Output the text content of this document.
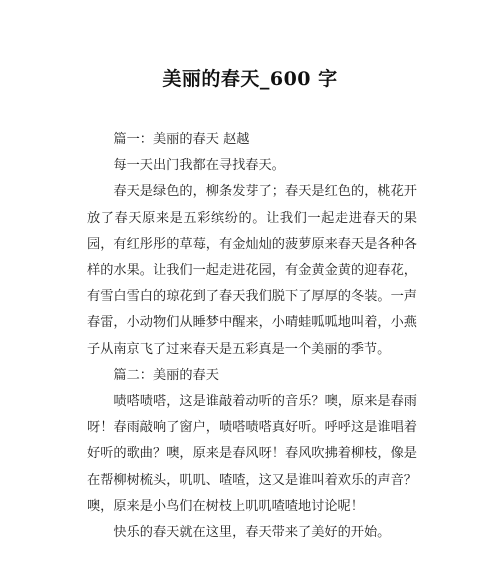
美丽的春天_600 字

篇一：美丽的春天 赵越

每一天出门我都在寻找春天。

春天是绿色的，柳条发芽了；春天是红色的，桃花开放了春天原来是五彩缤纷的。让我们一起走进春天的果园，有红彤彤的草莓，有金灿灿的菠萝原来春天是各种各样的水果。让我们一起走进花园，有金黄金黄的迎春花，有雪白雪白的琼花到了春天我们脱下了厚厚的冬装。一声春雷，小动物们从睡梦中醒来，小晴蛙呱呱地叫着，小燕子从南京飞了过来春天是五彩真是一个美丽的季节。

篇二：美丽的春天

啧嗒啧嗒，这是谁敲着动听的音乐？噢，原来是春雨呀！春雨敲响了窗户，啧嗒啧嗒真好听。呼呼这是谁唱着好听的歌曲？噢，原来是春风呀！春风吹拂着柳枝，像是在帮柳树梳头，叽叽、喳喳，这又是谁叫着欢乐的声音？噢，原来是小鸟们在树枝上叽叽喳喳地讨论呢！

快乐的春天就在这里，春天带来了美好的开始。
